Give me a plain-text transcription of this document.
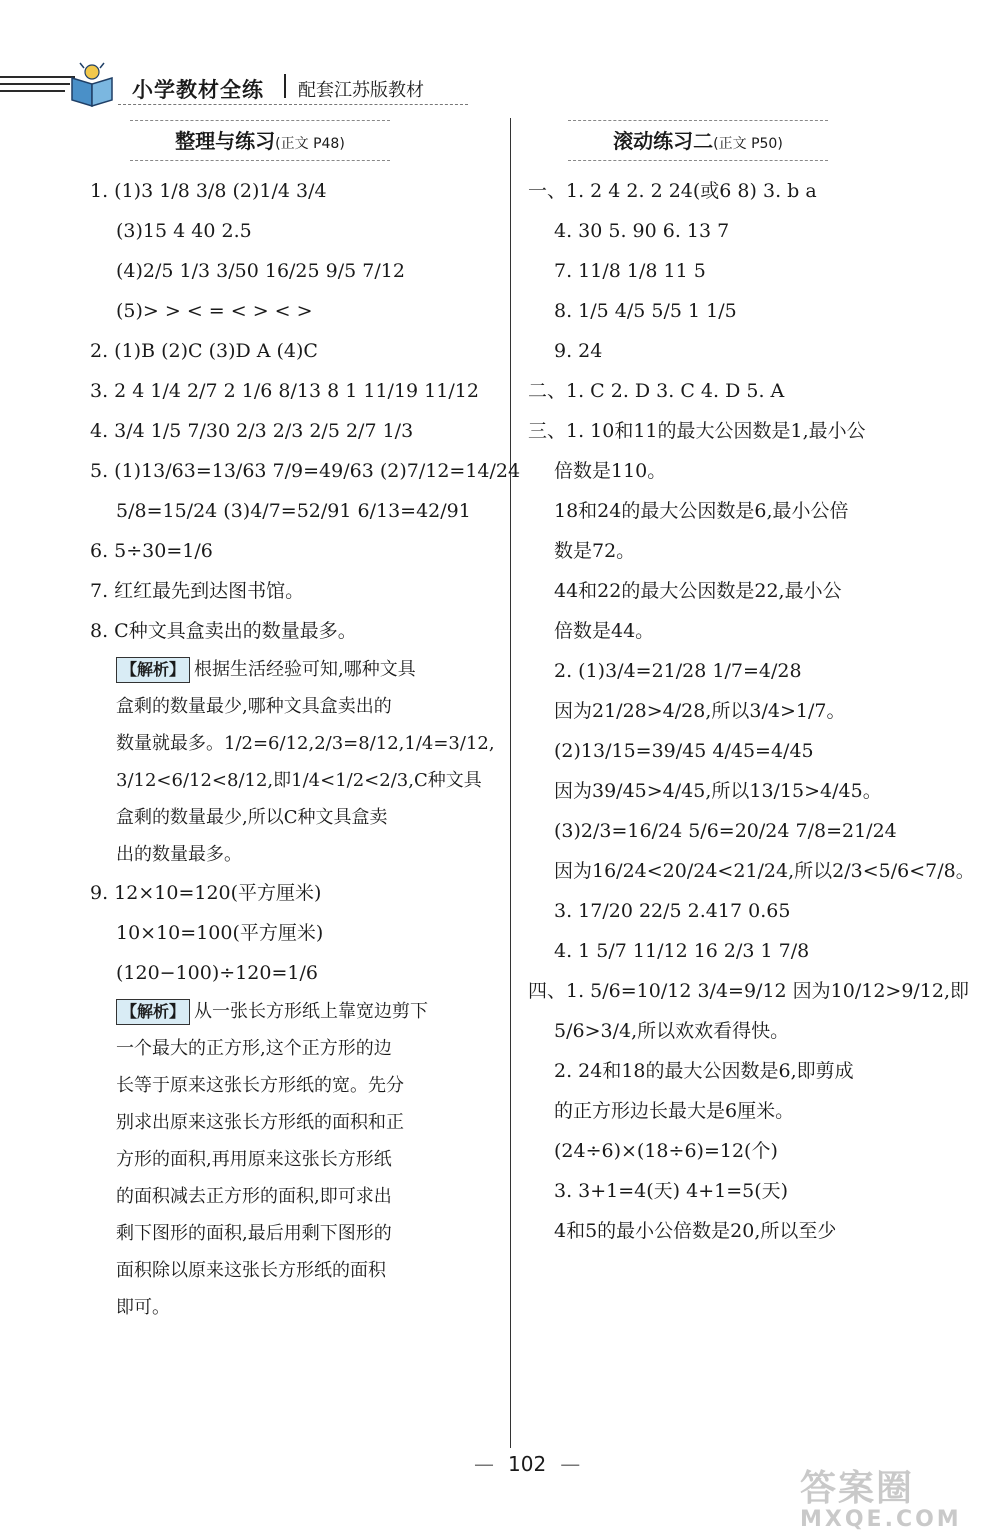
小学教材全练 配套江苏版教材
整理与练习(正文 P48)
1. (1)3 1/8 3/8 (2)1/4 3/4
(3)15 4 40 2.5
(4)2/5 1/3 3/50 16/25 9/5 7/12
(5)> > < = < > < >
2. (1)B (2)C (3)D A (4)C
3. 2 4 1/4 2/7 2 1/6 8/13 8 1 11/19 11/12
4. 3/4 1/5 7/30 2/3 2/3 2/5 2/7 1/3
5. (1)13/63=13/63 7/9=49/63 (2)7/12=14/24
5/8=15/24 (3)4/7=52/91 6/13=42/91
6. 5÷30=1/6
7. 红红最先到达图书馆。
8. C种文具盒卖出的数量最多。
【解析】 根据生活经验可知,哪种文具
盒剩的数量最少,哪种文具盒卖出的
数量就最多。1/2=6/12,2/3=8/12,1/4=3/12,
3/12<6/12<8/12,即1/4<1/2<2/3,C种文具
盒剩的数量最少,所以C种文具盒卖
出的数量最多。
9. 12×10=120(平方厘米)
10×10=100(平方厘米)
(120−100)÷120=1/6
【解析】 从一张长方形纸上靠宽边剪下
一个最大的正方形,这个正方形的边
长等于原来这张长方形纸的宽。先分
别求出原来这张长方形纸的面积和正
方形的面积,再用原来这张长方形纸
的面积减去正方形的面积,即可求出
剩下图形的面积,最后用剩下图形的
面积除以原来这张长方形纸的面积
即可。
滚动练习二(正文 P50)
一、1. 2 4 2. 2 24(或6 8) 3. b a
4. 30 5. 90 6. 13 7
7. 11/8 1/8 11 5
8. 1/5 4/5 5/5 1 1/5
9. 24
二、1. C 2. D 3. C 4. D 5. A
三、1. 10和11的最大公因数是1,最小公
倍数是110。
18和24的最大公因数是6,最小公倍
数是72。
44和22的最大公因数是22,最小公
倍数是44。
2. (1)3/4=21/28 1/7=4/28
因为21/28>4/28,所以3/4>1/7。
(2)13/15=39/45 4/45=4/45
因为39/45>4/45,所以13/15>4/45。
(3)2/3=16/24 5/6=20/24 7/8=21/24
因为16/24<20/24<21/24,所以2/3<5/6<7/8。
3. 17/20 22/5 2.417 0.65
4. 1 5/7 11/12 16 2/3 1 7/8
四、1. 5/6=10/12 3/4=9/12 因为10/12>9/12,即
5/6>3/4,所以欢欢看得快。
2. 24和18的最大公因数是6,即剪成
的正方形边长最大是6厘米。
(24÷6)×(18÷6)=12(个)
3. 3+1=4(天) 4+1=5(天)
4和5的最小公倍数是20,所以至少
— 102 —
答案圈
MXQE.COM
